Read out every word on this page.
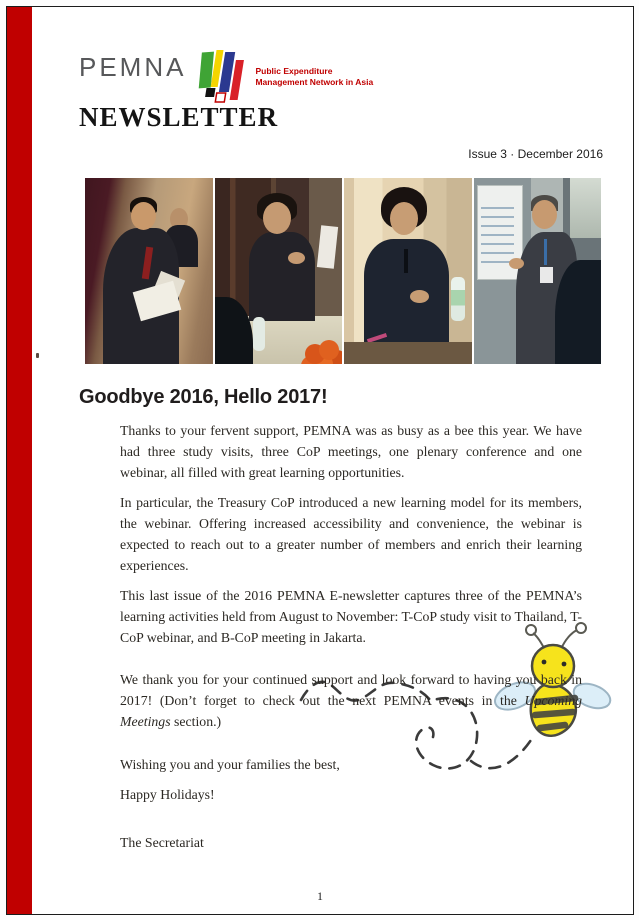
PEMNA	Public Expenditure
Management Network in Asia
NEWSLETTER
Issue 3 · December 2016
Goodbye 2016, Hello 2017!

Thanks to your fervent support, PEMNA was as busy as a bee this year. We have had three study visits, three CoP meetings, one plenary conference and one webinar, all filled with great learning opportunities.

In particular, the Treasury CoP introduced a new learning model for its members, the webinar. Offering increased accessibility and convenience, the webinar is expected to reach out to a greater number of members and enrich their learning experiences.

This last issue of the 2016 PEMNA E-newsletter captures three of the PEMNA’s learning activities held from August to November: T-CoP study visit to Thailand, T-CoP webinar, and B-CoP meeting in Jakarta.

We thank you for your continued support and look forward to having you back in 2017! (Don’t forget to check out the next PEMNA events in the Upcoming Meetings section.)

Wishing you and your families the best,

Happy Holidays!

The Secretariat

1
